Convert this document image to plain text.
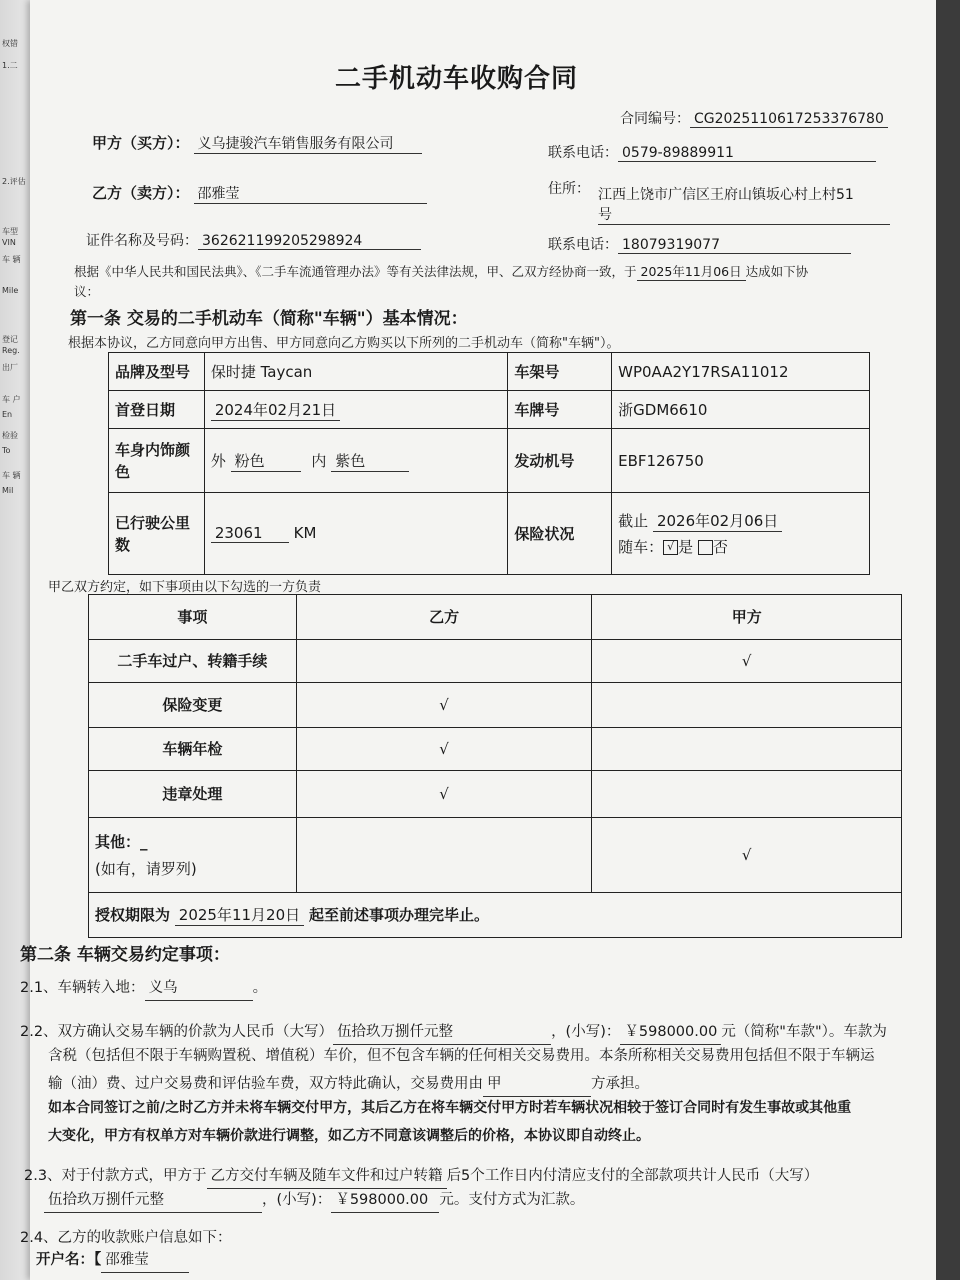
权错
1.二
2.评估
车型
VIN
车 辆
Mile
登记
Reg.
出厂
车 户
En
检验
To
车 辆
Mil
二手机动车收购合同
合同编号： CG202511061725337678​0
甲方（买方）： 义乌捷骏汽车销售服务有限公司
联系电话： 0579-89889911
乙方（卖方）： 邵雅莹	住所： 江西上饶市广信区王府山镇坂心村上村51
号
证件名称及号码： 362621199205298924	联系电话： 18079319077
根据《中华人民共和国民法典》、《二手车流通管理办法》等有关法律法规，甲、乙双方经协商一致，于 2025年11月06日 达成如下协
议：
第一条 交易的二手机动车（简称"车辆"）基本情况：
根据本协议，乙方同意向甲方出售、甲方同意向乙方购买以下所列的二手机动车（简称"车辆"）。
品牌及型号	保时捷 Taycan	车架号	WP0AA2Y17RSA11012
首登日期	2024年02月21日	车牌号	浙GDM6610
车身内饰颜色	外 粉色 内 紫色	发动机号	EBF126750
已行驶公里数	23061 KM	保险状况	截止 2026年02月06日
随车： √ 是 否
甲乙双方约定，如下事项由以下勾选的一方负责
事项	乙方	甲方
二手车过户、转籍手续		√
保险变更	√	
车辆年检	√	
违章处理	√	

其他：_
(如有，请罗列)		√
授权期限为 2025年11月20日 起至前述事项办理完毕止。		
第二条 车辆交易约定事项：
2.1、车辆转入地： 义乌	。
2.2、双方确认交易车辆的价款为人民币（大写） 伍拾玖万捌仟元整	，(小写)： ￥598000.00 元（简称"车款"）。车款为
含税（包括但不限于车辆购置税、增值税）车价，但不包含车辆的任何相关交易费用。本条所称相关交易费用包括但不限于车辆运
输（油）费、过户交易费和评估验车费，双方特此确认，交易费用由 甲	方承担。
如本合同签订之前/之时乙方并未将车辆交付甲方，其后乙方在将车辆交付甲方时若车辆状况相较于签订合同时有发生事故或其他重
大变化，甲方有权单方对车辆价款进行调整，如乙方不同意该调整后的价格，本协议即自动终止。
2.3、对于付款方式，甲方于 乙方交付车辆及随车文件和过户转籍 后5个工作日内付清应支付的全部款项共计人民币（大写）
伍拾玖万捌仟元整	，(小写)： ￥598000.00 元。支付方式为汇款。
2.4、乙方的收款账户信息如下：
开户名：【 邵雅莹
